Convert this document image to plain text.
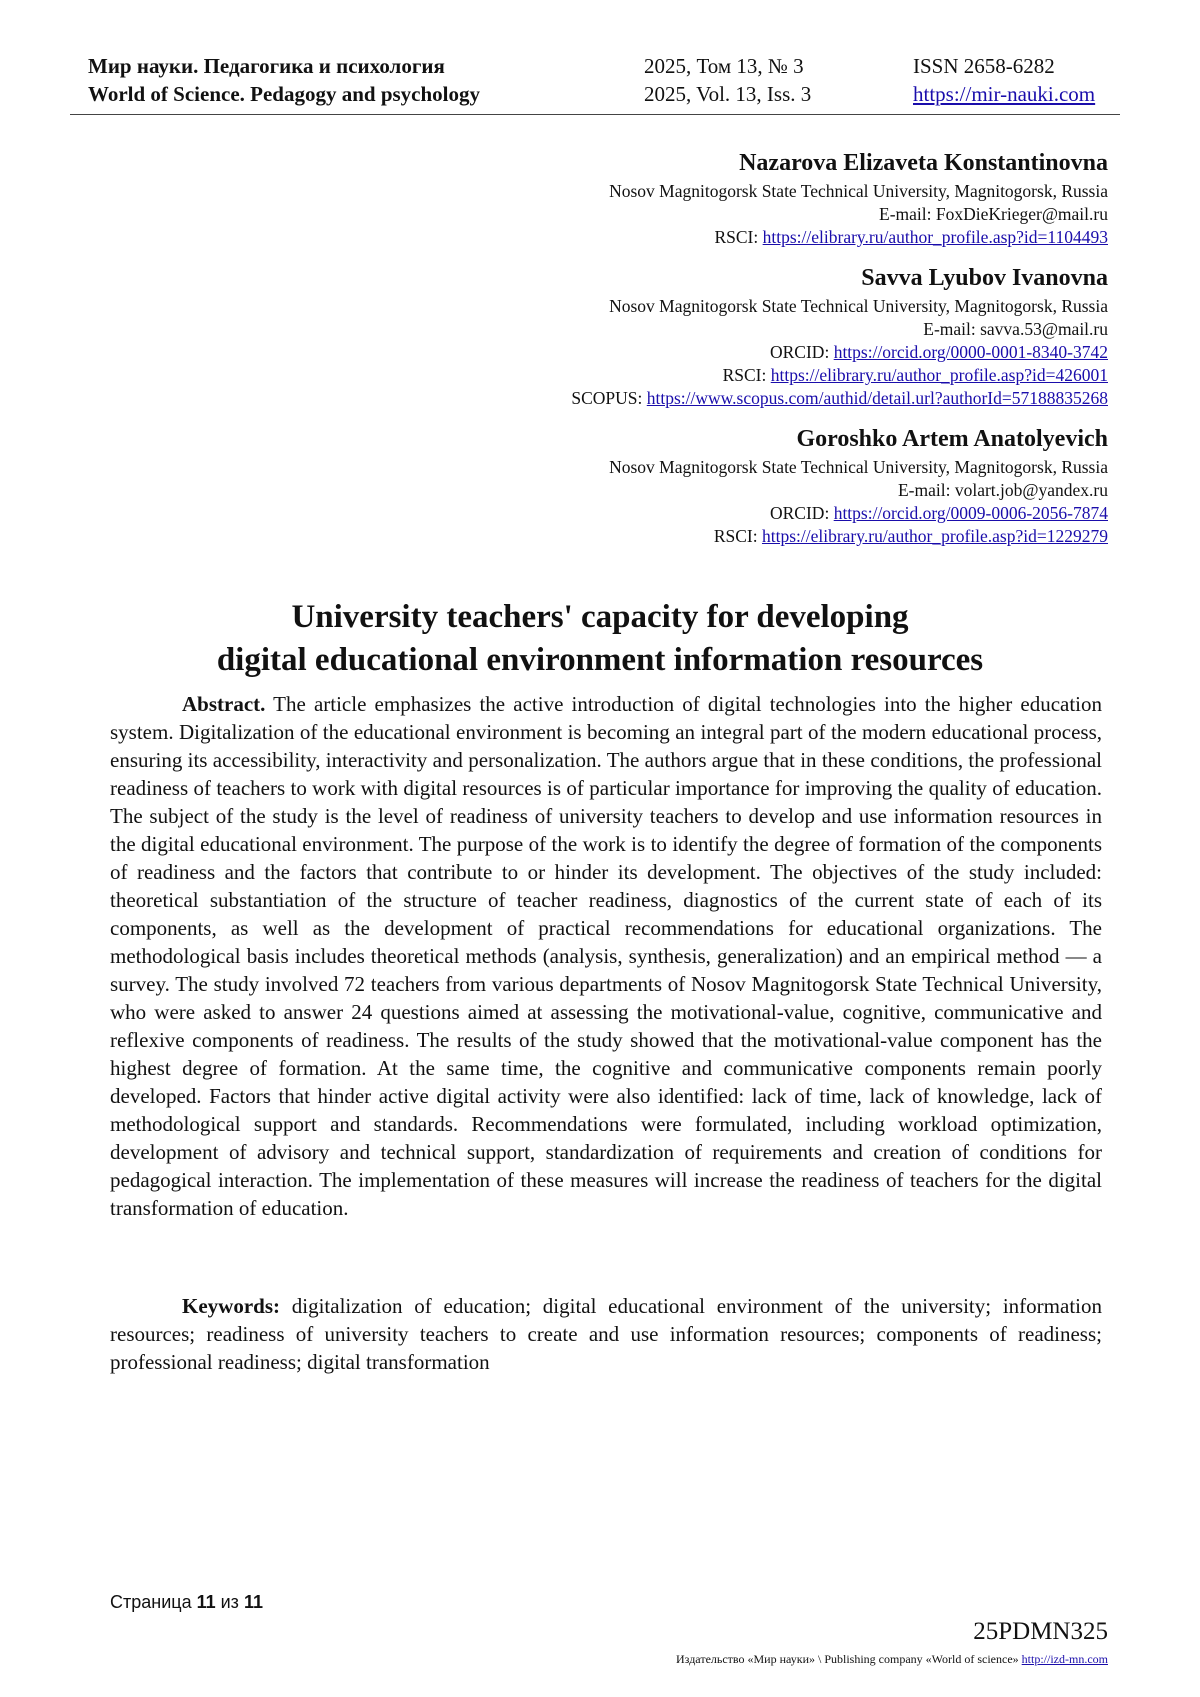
Мир науки. Педагогика и психология	2025, Том 13, № 3	ISSN 2658-6282
World of Science. Pedagogy and psychology	2025, Vol. 13, Iss. 3	https://mir-nauki.com
Nazarova Elizaveta Konstantinovna
Nosov Magnitogorsk State Technical University, Magnitogorsk, Russia
E-mail: FoxDieKrieger@mail.ru
RSCI: https://elibrary.ru/author_profile.asp?id=1104493
Savva Lyubov Ivanovna
Nosov Magnitogorsk State Technical University, Magnitogorsk, Russia
E-mail: savva.53@mail.ru
ORCID: https://orcid.org/0000-0001-8340-3742
RSCI: https://elibrary.ru/author_profile.asp?id=426001
SCOPUS: https://www.scopus.com/authid/detail.url?authorId=57188835268
Goroshko Artem Anatolyevich
Nosov Magnitogorsk State Technical University, Magnitogorsk, Russia
E-mail: volart.job@yandex.ru
ORCID: https://orcid.org/0009-0006-2056-7874
RSCI: https://elibrary.ru/author_profile.asp?id=1229279
University teachers' capacity for developing
digital educational environment information resources
Abstract. The article emphasizes the active introduction of digital technologies into the higher education system. Digitalization of the educational environment is becoming an integral part of the modern educational process, ensuring its accessibility, interactivity and personalization. The authors argue that in these conditions, the professional readiness of teachers to work with digital resources is of particular importance for improving the quality of education. The subject of the study is the level of readiness of university teachers to develop and use information resources in the digital educational environment. The purpose of the work is to identify the degree of formation of the components of readiness and the factors that contribute to or hinder its development. The objectives of the study included: theoretical substantiation of the structure of teacher readiness, diagnostics of the current state of each of its components, as well as the development of practical recommendations for educational organizations. The methodological basis includes theoretical methods (analysis, synthesis, generalization) and an empirical method — a survey. The study involved 72 teachers from various departments of Nosov Magnitogorsk State Technical University, who were asked to answer 24 questions aimed at assessing the motivational-value, cognitive, communicative and reflexive components of readiness. The results of the study showed that the motivational-value component has the highest degree of formation. At the same time, the cognitive and communicative components remain poorly developed. Factors that hinder active digital activity were also identified: lack of time, lack of knowledge, lack of methodological support and standards. Recommendations were formulated, including workload optimization, development of advisory and technical support, standardization of requirements and creation of conditions for pedagogical interaction. The implementation of these measures will increase the readiness of teachers for the digital transformation of education.
Keywords: digitalization of education; digital educational environment of the university; information resources; readiness of university teachers to create and use information resources; components of readiness; professional readiness; digital transformation
Страница 11 из 11
25PDMN325
Издательство «Мир науки» \ Publishing company «World of science» http://izd-mn.com
